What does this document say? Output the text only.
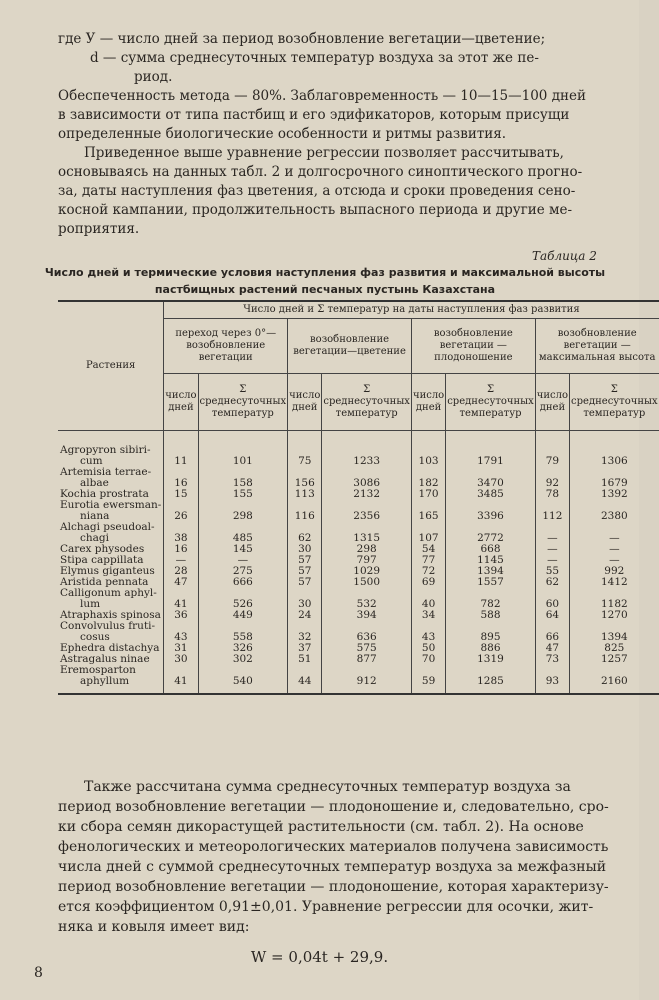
где У — число дней за период возобновление вегетации—цветение;
d — сумма среднесуточных температур воздуха за этот же пе-
риод.
Обеспеченность метода — 80%. Заблаговременность — 10—15—100 дней
в зависимости от типа пастбищ и его эдификаторов, которым присущи
определенные биологические особенности и ритмы развития.
Приведенное выше уравнение регрессии позволяет рассчитывать,
основываясь на данных табл. 2 и долгосрочного синоптического прогно-
за, даты наступления фаз цветения, а отсюда и сроки проведения сено-
косной кампании, продолжительность выпасного периода и другие ме-
роприятия.
Таблица 2
Число дней и термические условия наступления фаз развития и максимальной высоты
пастбищных растений песчаных пустынь Казахстана
Растения	Число дней и Σ температур на даты наступления фаз развития							
	переход через 0°—возобновление вегетации		возобновление вегетации—цветение		возобновление вегетации — плодоношение		возобновление вегетации — максимальная высота	
	число дней	Σ среднесуточных температур	число дней	Σ среднесуточных температур	число дней	Σ среднесуточных температур	число дней	Σ среднесуточных температур

Agropyron sibiri-								
cum	11	101	75	1233	103	1791	79	1306
Artemisia terrae-								
albae	16	158	156	3086	182	3470	92	1679
Kochia prostrata	15	155	113	2132	170	3485	78	1392
Eurotia ewersman-								
niana	26	298	116	2356	165	3396	112	2380
Alchagi pseudoal-								
chagi	38	485	62	1315	107	2772	—	—
Carex physodes	16	145	30	298	54	668	—	—
Stipa cappillata	—	—	57	797	77	1145	—	—
Elymus giganteus	28	275	57	1029	72	1394	55	992
Aristida pennata	47	666	57	1500	69	1557	62	1412
Calligonum aphyl-								
lum	41	526	30	532	40	782	60	1182
Atraphaxis spinosa	36	449	24	394	34	588	64	1270
Convolvulus fruti-								
cosus	43	558	32	636	43	895	66	1394
Ephedra distachya	31	326	37	575	50	886	47	825
Astragalus ninae	30	302	51	877	70	1319	73	1257
Eremosparton								
aphyllum	41	540	44	912	59	1285	93	2160
Также рассчитана сумма среднесуточных температур воздуха за
период возобновление вегетации — плодоношение и, следовательно, сро-
ки сбора семян дикорастущей растительности (см. табл. 2). На основе
фенологических и метеорологических материалов получена зависимость
числа дней с суммой среднесуточных температур воздуха за межфазный
период возобновление вегетации — плодоношение, которая характеризу-
ется коэффициентом 0,91±0,01. Уравнение регрессии для осочки, жит-
няка и ковыля имеет вид:
W = 0,04t + 29,9.
8
